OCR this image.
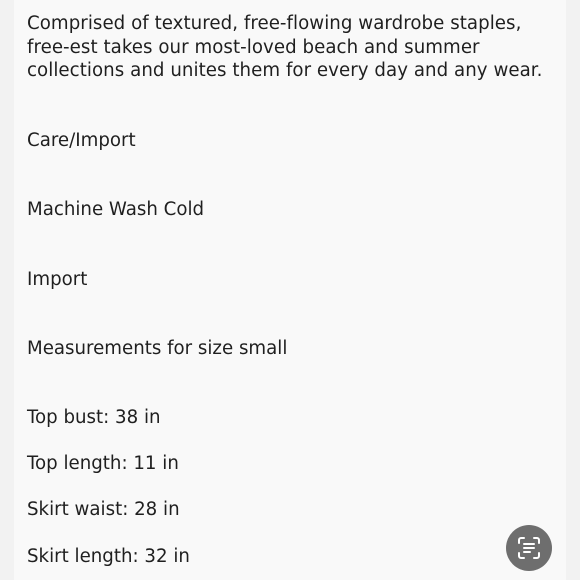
Comprised of textured, free-flowing wardrobe staples, free-est takes our most-loved beach and summer collections and unites them for every day and any wear.

Care/Import

Machine Wash Cold

Import

Measurements for size small

Top bust: 38 in

Top length: 11 in

Skirt waist: 28 in

Skirt length: 32 in
